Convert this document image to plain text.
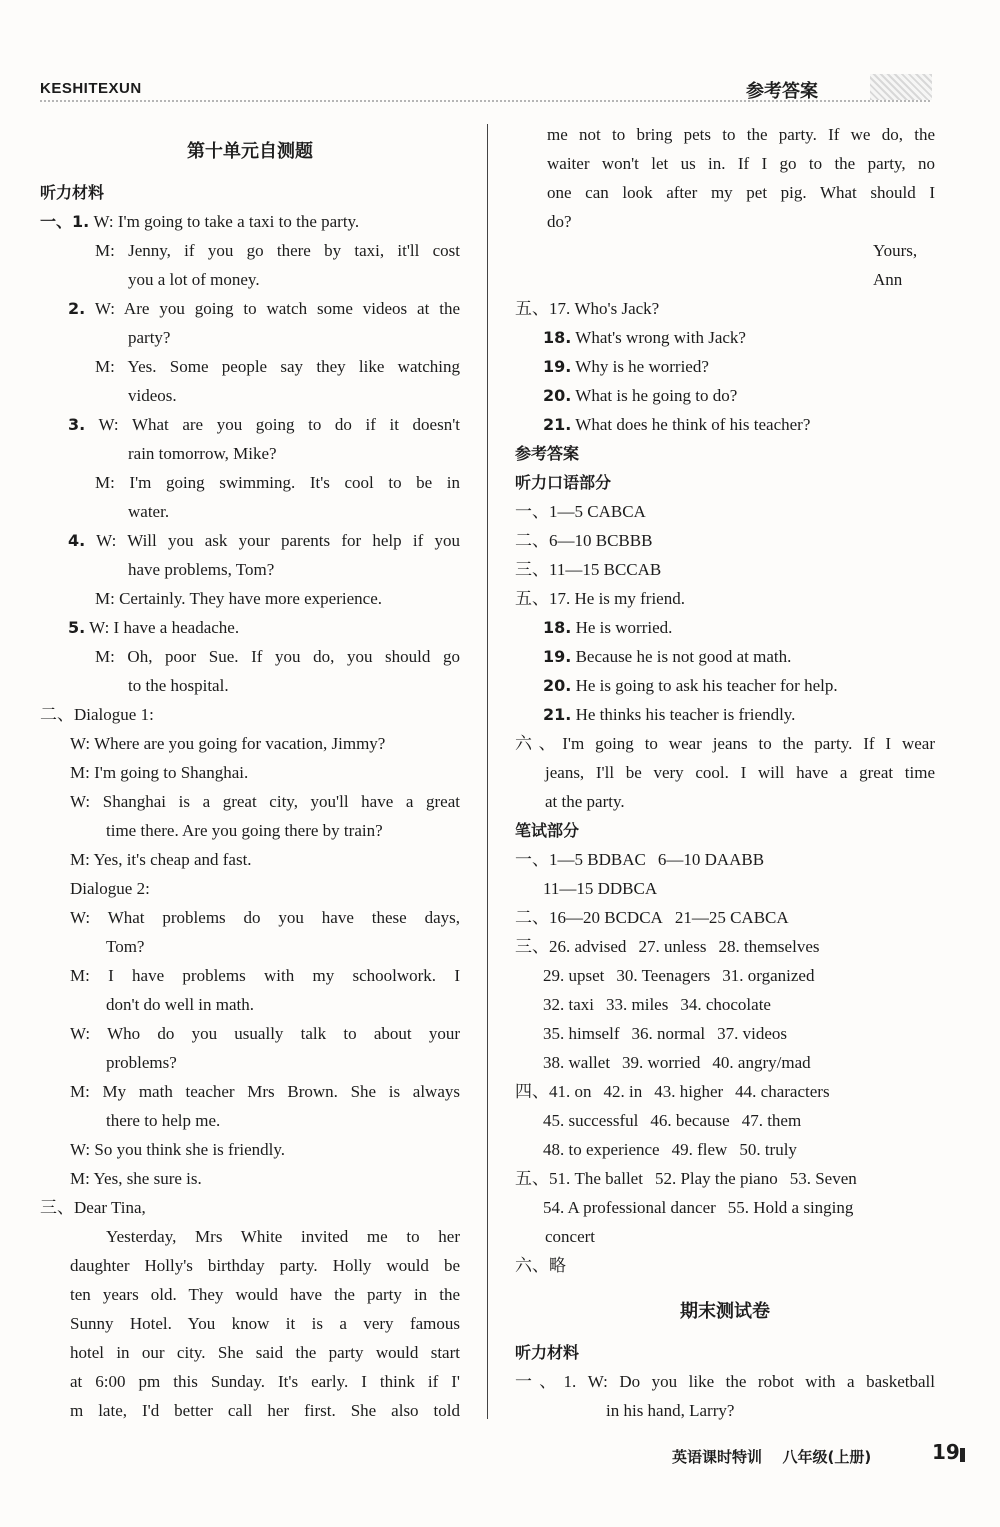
KESHITEXUN	参考答案
第十单元自测题
听力材料
一、1. W: I'm going to take a taxi to the party.
M: Jenny, if you go there by taxi, it'll cost
you a lot of money.
2. W: Are you going to watch some videos at the
party?
M: Yes. Some people say they like watching
videos.
3. W: What are you going to do if it doesn't
rain tomorrow, Mike?
M: I'm going swimming. It's cool to be in
water.
4. W: Will you ask your parents for help if you
have problems, Tom?
M: Certainly. They have more experience.
5. W: I have a headache.
M: Oh, poor Sue. If you do, you should go
to the hospital.
二、Dialogue 1:
W: Where are you going for vacation, Jimmy?
M: I'm going to Shanghai.
W: Shanghai is a great city, you'll have a great
time there. Are you going there by train?
M: Yes, it's cheap and fast.
Dialogue 2:
W: What problems do you have these days,
Tom?
M: I have problems with my schoolwork. I
don't do well in math.
W: Who do you usually talk to about your
problems?
M: My math teacher Mrs Brown. She is always
there to help me.
W: So you think she is friendly.
M: Yes, she sure is.
三、Dear Tina,
Yesterday, Mrs White invited me to her
daughter Holly's birthday party. Holly would be
ten years old. They would have the party in the
Sunny Hotel. You know it is a very famous
hotel in our city. She said the party would start
at 6:00 pm this Sunday. It's early. I think if I'
m late, I'd better call her first. She also told
me not to bring pets to the party. If we do, the
waiter won't let us in. If I go to the party, no
one can look after my pet pig. What should I
do?
Yours,
Ann
五、17. Who's Jack?
18. What's wrong with Jack?
19. Why is he worried?
20. What is he going to do?
21. What does he think of his teacher?
参考答案
听力口语部分
一、1—5 CABCA
二、6—10 BCBBB
三、11—15 BCCAB
五、17. He is my friend.
18. He is worried.
19. Because he is not good at math.
20. He is going to ask his teacher for help.
21. He thinks his teacher is friendly.
六、I'm going to wear jeans to the party. If I wear
jeans, I'll be very cool. I will have a great time
at the party.
笔试部分
一、1—5 BDBAC 6—10 DAABB
11—15 DDBCA
二、16—20 BCDCA 21—25 CABCA
三、26. advised 27. unless 28. themselves
29. upset 30. Teenagers 31. organized
32. taxi 33. miles 34. chocolate
35. himself 36. normal 37. videos
38. wallet 39. worried 40. angry/mad
四、41. on 42. in 43. higher 44. characters
45. successful 46. because 47. them
48. to experience 49. flew 50. truly
五、51. The ballet 52. Play the piano 53. Seven
54. A professional dancer 55. Hold a singing
concert
六、略
期末测试卷
听力材料
一、1. W: Do you like the robot with a basketball
in his hand, Larry?
英语课时特训 八年级(上册)	19
